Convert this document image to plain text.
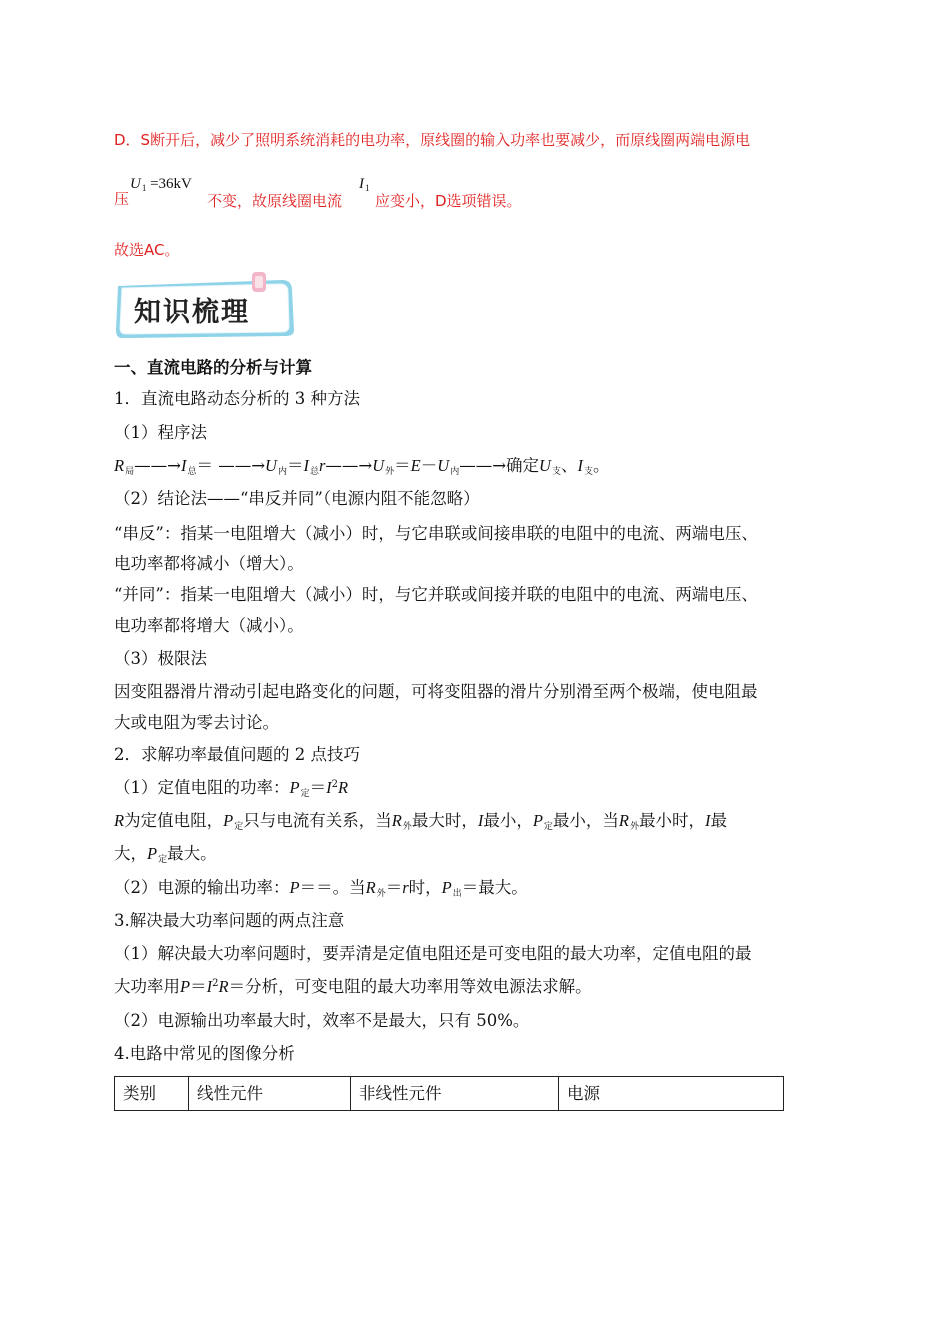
D．S断开后，减少了照明系统消耗的电功率，原线圈的输入功率也要减少，而原线圈两端电源电
压
$U_1 =36kV$
不变，故原线圈电流
$I_1$
应变小，D选项错误。
故选AC。
知识梳理
一、直流电路的分析与计算
1．直流电路动态分析的 3 种方法
（1）程序法
$R_局——\to I_总=$ $——\to U_内=I_总r——\to U_外=E-U_内——\to$确定$U_支$、$I_支$。
（2）结论法——“串反并同”（电源内阻不能忽略）
“串反”：指某一电阻增大（减小）时，与它串联或间接串联的电阻中的电流、两端电压、
电功率都将减小（增大）。
“并同”：指某一电阻增大（减小）时，与它并联或间接并联的电阻中的电流、两端电压、
电功率都将增大（减小）。
（3）极限法
因变阻器滑片滑动引起电路变化的问题，可将变阻器的滑片分别滑至两个极端，使电阻最
大或电阻为零去讨论。
2．求解功率最值问题的 2 点技巧
（1）定值电阻的功率：$P_定=I^2R$
R为定值电阻，$P_定$只与电流有关系，当$R_外$最大时，I最小，$P_定$最小，当$R_外$最小时，I最
大，$P_定$最大。
（2）电源的输出功率：P＝＝。当$R_外=r$时，$P_出=$最大。
3.解决最大功率问题的两点注意
（1）解决最大功率问题时，要弄清是定值电阻还是可变电阻的最大功率，定值电阻的最
大功率用$P=I^2R=$分析，可变电阻的最大功率用等效电源法求解。
（2）电源输出功率最大时，效率不是最大，只有 50%。
4.电路中常见的图像分析
类别	线性元件	非线性元件	电源
